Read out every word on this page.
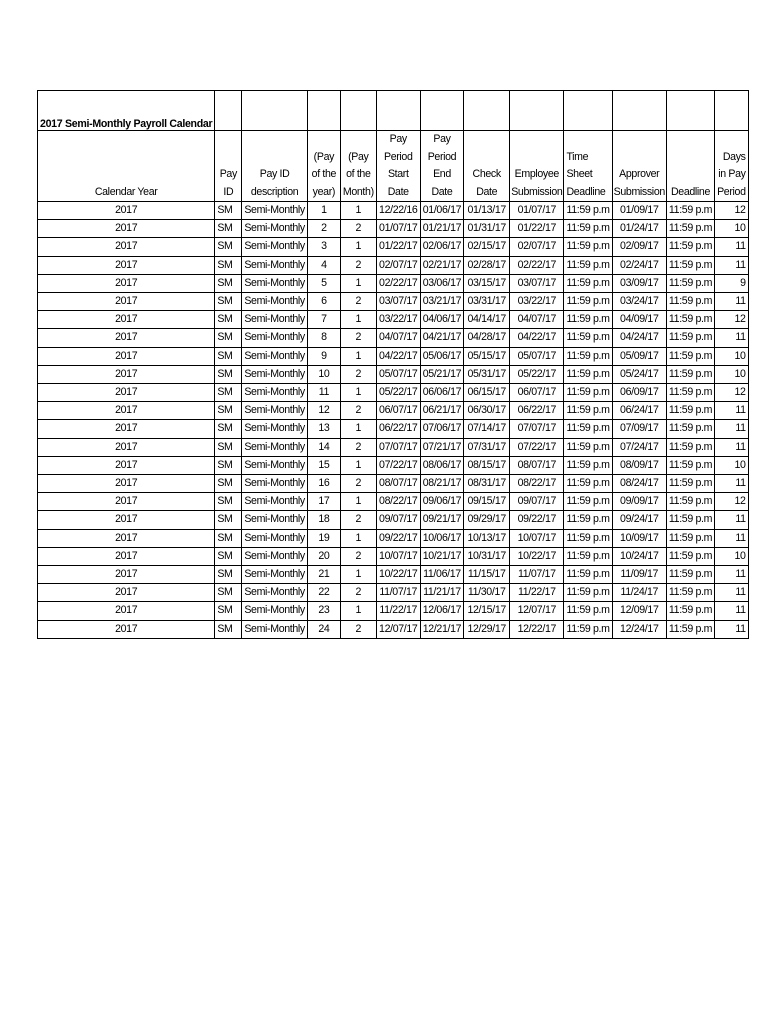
2017 Semi-Monthly Payroll Calendar												
Calendar Year	Pay ID	Pay ID description	(Pay of the year)	(Pay of the Month)	Pay Period Start Date	Pay Period End Date	Check Date	Employee Submission	Time Sheet Deadline	Approver Submission	Deadline	Days in Pay Period
2017	SM	Semi-Monthly	1	1	12/22/16	01/06/17	01/13/17	01/07/17	11:59 p.m	01/09/17	11:59 p.m	12
2017	SM	Semi-Monthly	2	2	01/07/17	01/21/17	01/31/17	01/22/17	11:59 p.m	01/24/17	11:59 p.m	10
2017	SM	Semi-Monthly	3	1	01/22/17	02/06/17	02/15/17	02/07/17	11:59 p.m	02/09/17	11:59 p.m	11
2017	SM	Semi-Monthly	4	2	02/07/17	02/21/17	02/28/17	02/22/17	11:59 p.m	02/24/17	11:59 p.m	11
2017	SM	Semi-Monthly	5	1	02/22/17	03/06/17	03/15/17	03/07/17	11:59 p.m	03/09/17	11:59 p.m	9
2017	SM	Semi-Monthly	6	2	03/07/17	03/21/17	03/31/17	03/22/17	11:59 p.m	03/24/17	11:59 p.m	11
2017	SM	Semi-Monthly	7	1	03/22/17	04/06/17	04/14/17	04/07/17	11:59 p.m	04/09/17	11:59 p.m	12
2017	SM	Semi-Monthly	8	2	04/07/17	04/21/17	04/28/17	04/22/17	11:59 p.m	04/24/17	11:59 p.m	11
2017	SM	Semi-Monthly	9	1	04/22/17	05/06/17	05/15/17	05/07/17	11:59 p.m	05/09/17	11:59 p.m	10
2017	SM	Semi-Monthly	10	2	05/07/17	05/21/17	05/31/17	05/22/17	11:59 p.m	05/24/17	11:59 p.m	10
2017	SM	Semi-Monthly	11	1	05/22/17	06/06/17	06/15/17	06/07/17	11:59 p.m	06/09/17	11:59 p.m	12
2017	SM	Semi-Monthly	12	2	06/07/17	06/21/17	06/30/17	06/22/17	11:59 p.m	06/24/17	11:59 p.m	11
2017	SM	Semi-Monthly	13	1	06/22/17	07/06/17	07/14/17	07/07/17	11:59 p.m	07/09/17	11:59 p.m	11
2017	SM	Semi-Monthly	14	2	07/07/17	07/21/17	07/31/17	07/22/17	11:59 p.m	07/24/17	11:59 p.m	11
2017	SM	Semi-Monthly	15	1	07/22/17	08/06/17	08/15/17	08/07/17	11:59 p.m	08/09/17	11:59 p.m	10
2017	SM	Semi-Monthly	16	2	08/07/17	08/21/17	08/31/17	08/22/17	11:59 p.m	08/24/17	11:59 p.m	11
2017	SM	Semi-Monthly	17	1	08/22/17	09/06/17	09/15/17	09/07/17	11:59 p.m	09/09/17	11:59 p.m	12
2017	SM	Semi-Monthly	18	2	09/07/17	09/21/17	09/29/17	09/22/17	11:59 p.m	09/24/17	11:59 p.m	11
2017	SM	Semi-Monthly	19	1	09/22/17	10/06/17	10/13/17	10/07/17	11:59 p.m	10/09/17	11:59 p.m	11
2017	SM	Semi-Monthly	20	2	10/07/17	10/21/17	10/31/17	10/22/17	11:59 p.m	10/24/17	11:59 p.m	10
2017	SM	Semi-Monthly	21	1	10/22/17	11/06/17	11/15/17	11/07/17	11:59 p.m	11/09/17	11:59 p.m	11
2017	SM	Semi-Monthly	22	2	11/07/17	11/21/17	11/30/17	11/22/17	11:59 p.m	11/24/17	11:59 p.m	11
2017	SM	Semi-Monthly	23	1	11/22/17	12/06/17	12/15/17	12/07/17	11:59 p.m	12/09/17	11:59 p.m	11
2017	SM	Semi-Monthly	24	2	12/07/17	12/21/17	12/29/17	12/22/17	11:59 p.m	12/24/17	11:59 p.m	11
